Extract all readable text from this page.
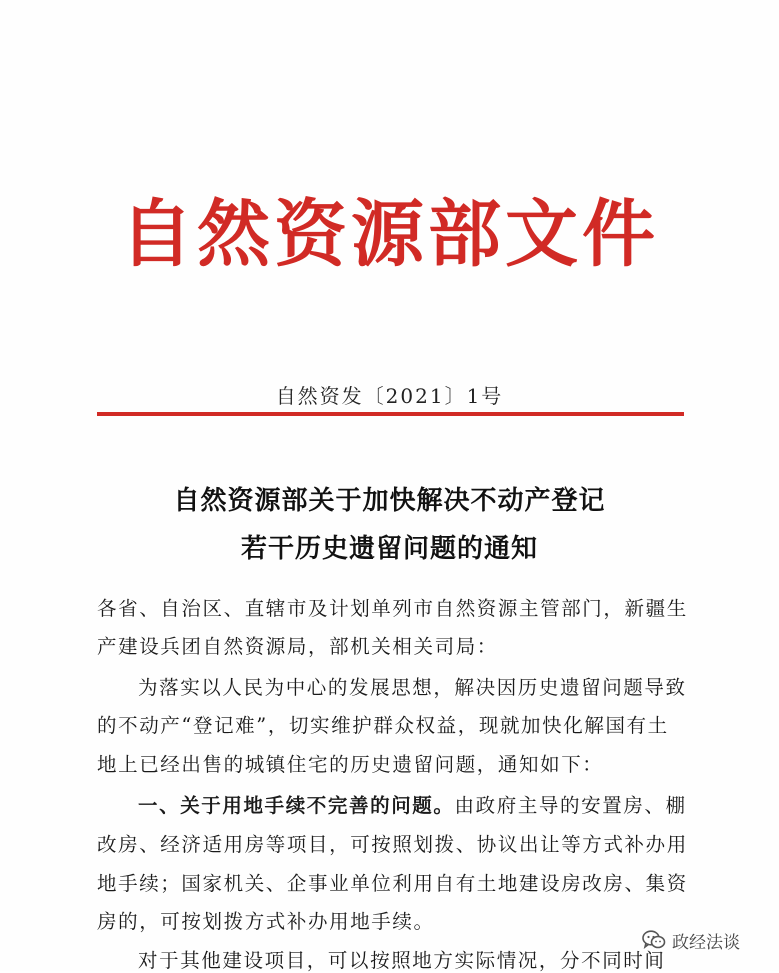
自然资源部文件
自然资发〔2021〕1号
自然资源部关于加快解决不动产登记
若干历史遗留问题的通知
各省、自治区、直辖市及计划单列市自然资源主管部门，新疆生
产建设兵团自然资源局，部机关相关司局：
为落实以人民为中心的发展思想，解决因历史遗留问题导致
的不动产“登记难”，切实维护群众权益，现就加快化解国有土
地上已经出售的城镇住宅的历史遗留问题，通知如下：
一、关于用地手续不完善的问题。由政府主导的安置房、棚
改房、经济适用房等项目，可按照划拨、协议出让等方式补办用
地手续；国家机关、企事业单位利用自有土地建设房改房、集资
房的，可按划拨方式补办用地手续。
对于其他建设项目，可以按照地方实际情况，分不同时间
政经法谈
